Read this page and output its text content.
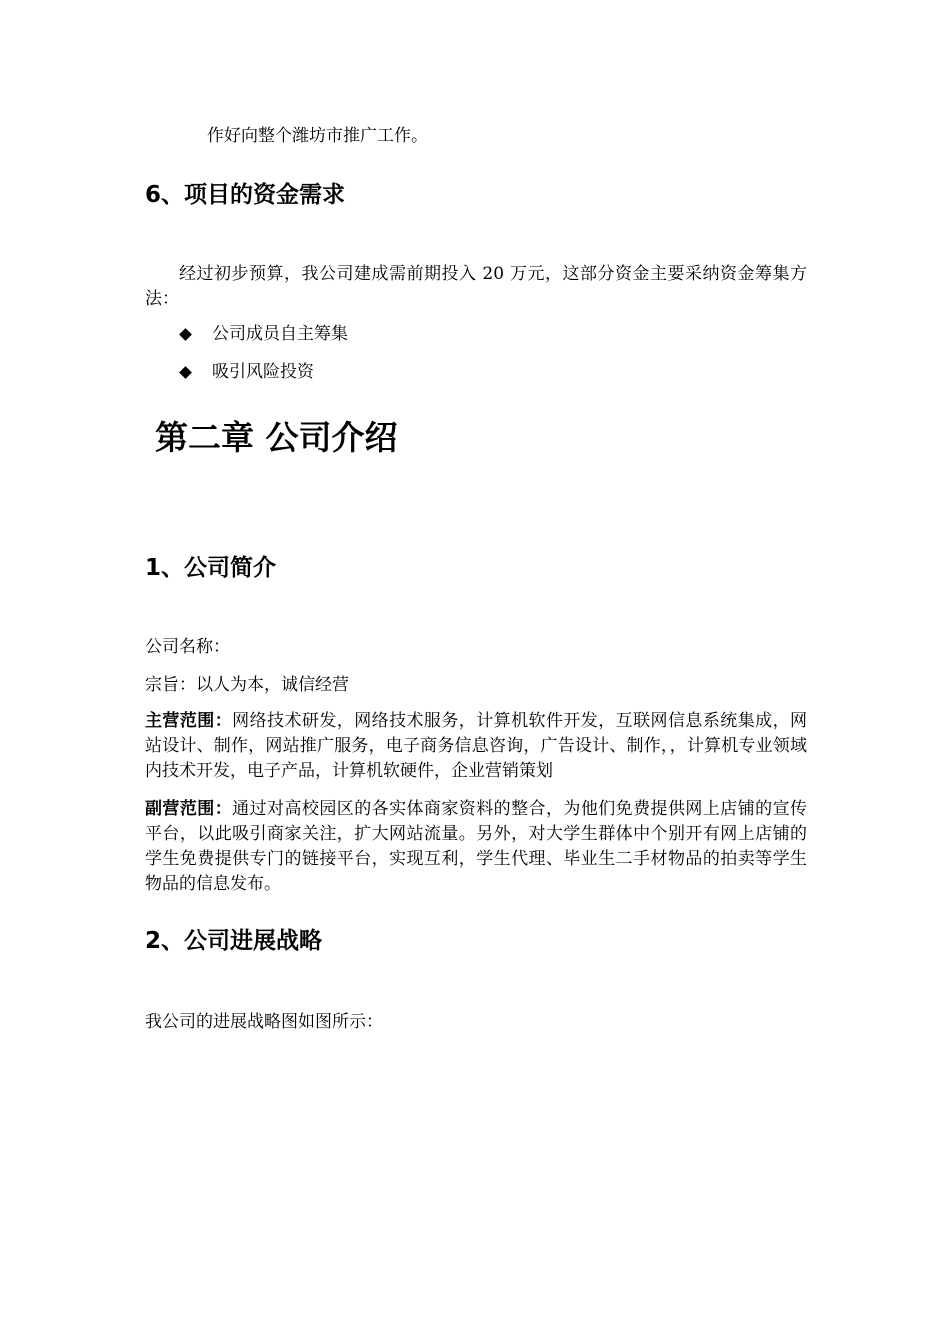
作好向整个潍坊市推广工作。
6、项目的资金需求
经过初步预算，我公司建成需前期投入 20 万元，这部分资金主要采纳资金筹集方法：
公司成员自主筹集
吸引风险投资
第二章 公司介绍
1、公司简介
公司名称：
宗旨：以人为本，诚信经营
主营范围：网络技术研发，网络技术服务，计算机软件开发，互联网信息系统集成，网站设计、制作，网站推广服务，电子商务信息咨询，广告设计、制作，，计算机专业领域内技术开发，电子产品，计算机软硬件，企业营销策划
副营范围：通过对高校园区的各实体商家资料的整合，为他们免费提供网上店铺的宣传平台，以此吸引商家关注，扩大网站流量。另外，对大学生群体中个别开有网上店铺的学生免费提供专门的链接平台，实现互利，学生代理、毕业生二手材物品的拍卖等学生物品的信息发布。
2、公司进展战略
我公司的进展战略图如图所示：
